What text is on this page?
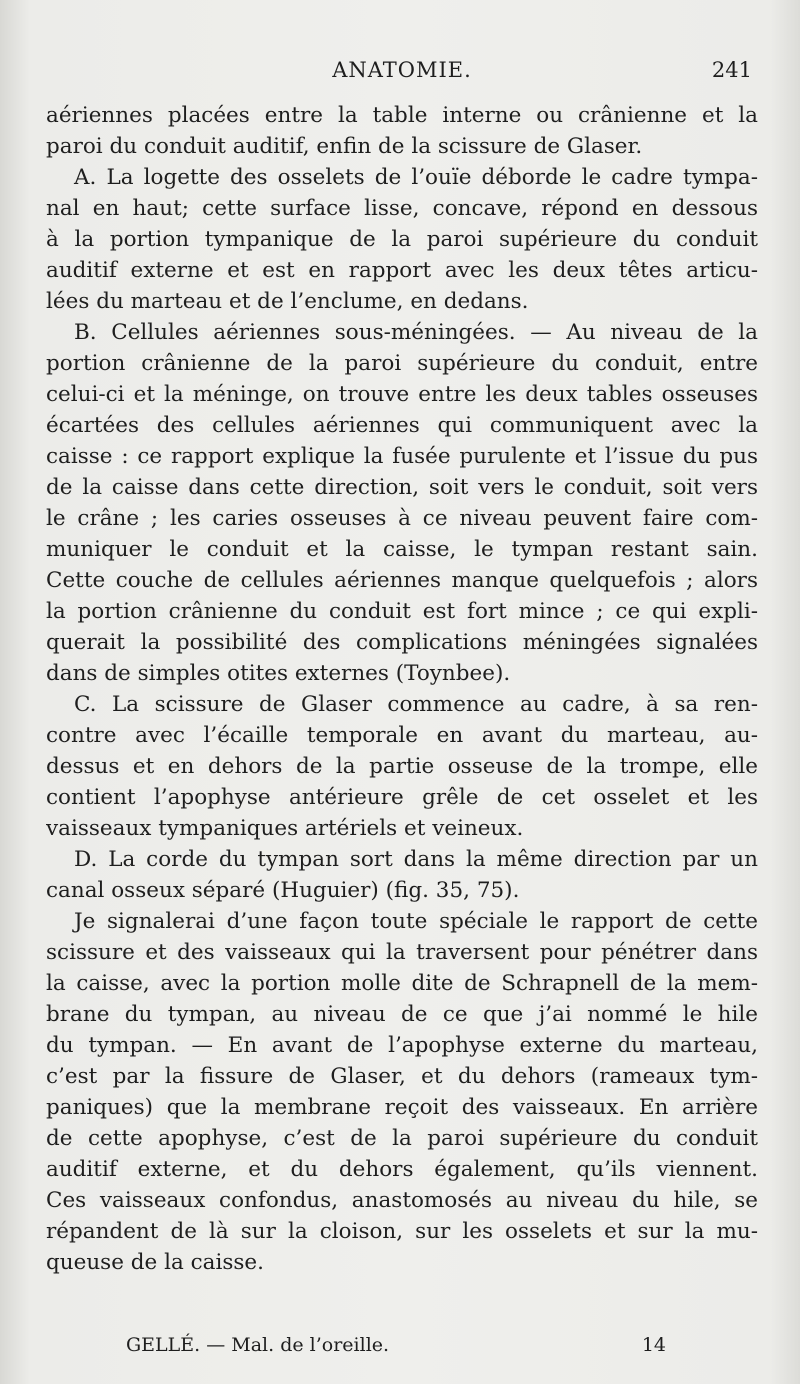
ANATOMIE.	241
aériennes placées entre la table interne ou crânienne et la
paroi du conduit auditif, enfin de la scissure de Glaser.
A. La logette des osselets de l’ouïe déborde le cadre tympa-
nal en haut; cette surface lisse, concave, répond en dessous
à la portion tympanique de la paroi supérieure du conduit
auditif externe et est en rapport avec les deux têtes articu-
lées du marteau et de l’enclume, en dedans.
B. Cellules aériennes sous-méningées. — Au niveau de la
portion crânienne de la paroi supérieure du conduit, entre
celui-ci et la méninge, on trouve entre les deux tables osseuses
écartées des cellules aériennes qui communiquent avec la
caisse : ce rapport explique la fusée purulente et l’issue du pus
de la caisse dans cette direction, soit vers le conduit, soit vers
le crâne ; les caries osseuses à ce niveau peuvent faire com-
muniquer le conduit et la caisse, le tympan restant sain.
Cette couche de cellules aériennes manque quelquefois ; alors
la portion crânienne du conduit est fort mince ; ce qui expli-
querait la possibilité des complications méningées signalées
dans de simples otites externes (Toynbee).
C. La scissure de Glaser commence au cadre, à sa ren-
contre avec l’écaille temporale en avant du marteau, au-
dessus et en dehors de la partie osseuse de la trompe, elle
contient l’apophyse antérieure grêle de cet osselet et les
vaisseaux tympaniques artériels et veineux.
D. La corde du tympan sort dans la même direction par un
canal osseux séparé (Huguier) (fig. 35, 75).
Je signalerai d’une façon toute spéciale le rapport de cette
scissure et des vaisseaux qui la traversent pour pénétrer dans
la caisse, avec la portion molle dite de Schrapnell de la mem-
brane du tympan, au niveau de ce que j’ai nommé le hile
du tympan. — En avant de l’apophyse externe du marteau,
c’est par la fissure de Glaser, et du dehors (rameaux tym-
paniques) que la membrane reçoit des vaisseaux. En arrière
de cette apophyse, c’est de la paroi supérieure du conduit
auditif externe, et du dehors également, qu’ils viennent.
Ces vaisseaux confondus, anastomosés au niveau du hile, se
répandent de là sur la cloison, sur les osselets et sur la mu-
queuse de la caisse.
GELLÉ. — Mal. de l’oreille.	14
